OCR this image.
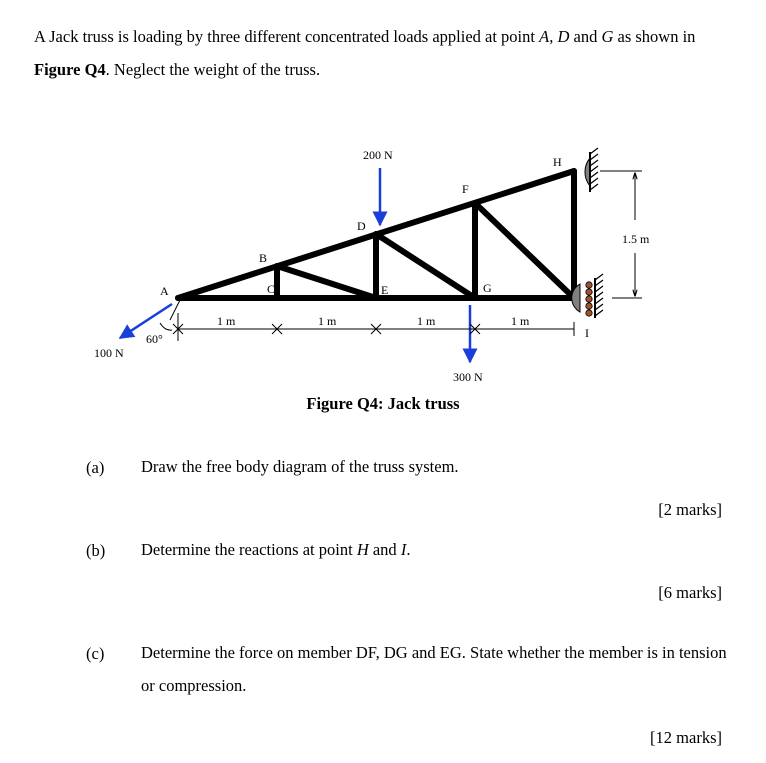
A Jack truss is loading by three different concentrated loads applied at point A, D and G as shown in Figure Q4. Neglect the weight of the truss.

A
B
C
D
E
F
G
H
I
200 N
300 N
100 N
60°
1 m	1 m	1 m	1 m
1.5 m
Figure Q4: Jack truss
(a) Draw the free body diagram of the truss system.
[2 marks]
(b) Determine the reactions at point H and I.
[6 marks]
(c) Determine the force on member DF, DG and EG. State whether the member is in tension or compression.
[12 marks]
